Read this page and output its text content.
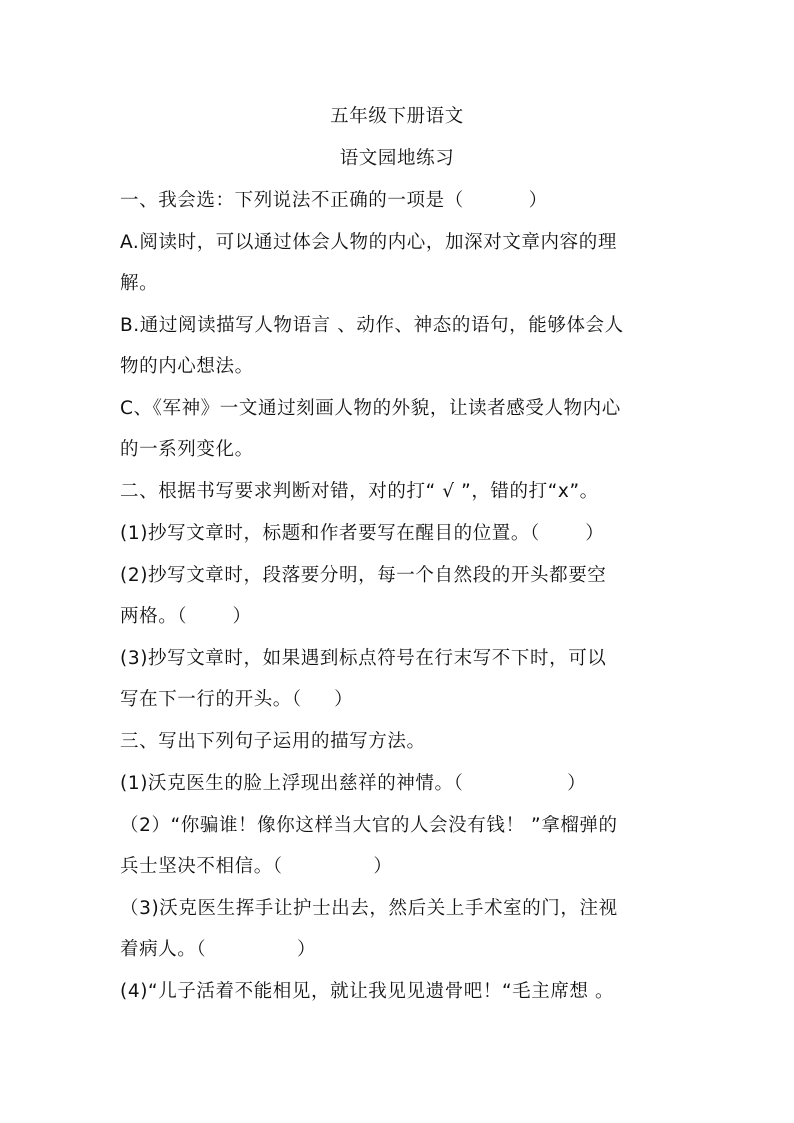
五年级下册语文
语文园地练习
一、我会选：下列说法不正确的一项是（          ）
A.阅读时，可以通过体会人物的内心，加深对文章内容的理
解。
B.通过阅读描写人物语言 、动作、神态的语句，能够体会人
物的内心想法。
C、《军神》一文通过刻画人物的外貌，让读者感受人物内心
的一系列变化。
二、根据书写要求判断对错，对的打“ √ ”，错的打“x”。
(1)抄写文章时，标题和作者要写在醒目的位置。（       ）
(2)抄写文章时，段落要分明，每一个自然段的开头都要空
两格。（       ）
(3)抄写文章时，如果遇到标点符号在行末写不下时，可以
写在下一行的开头。（     ）
三、写出下列句子运用的描写方法。
(1)沃克医生的脸上浮现出慈祥的神情。（                ）
（2）“你骗谁！像你这样当大官的人会没有钱！ ”拿榴弹的
兵士坚决不相信。（              ）
（3)沃克医生挥手让护士出去，然后关上手术室的门，注视
着病人。（              ）
(4)“儿子活着不能相见，就让我见见遗骨吧！“毛主席想 。
